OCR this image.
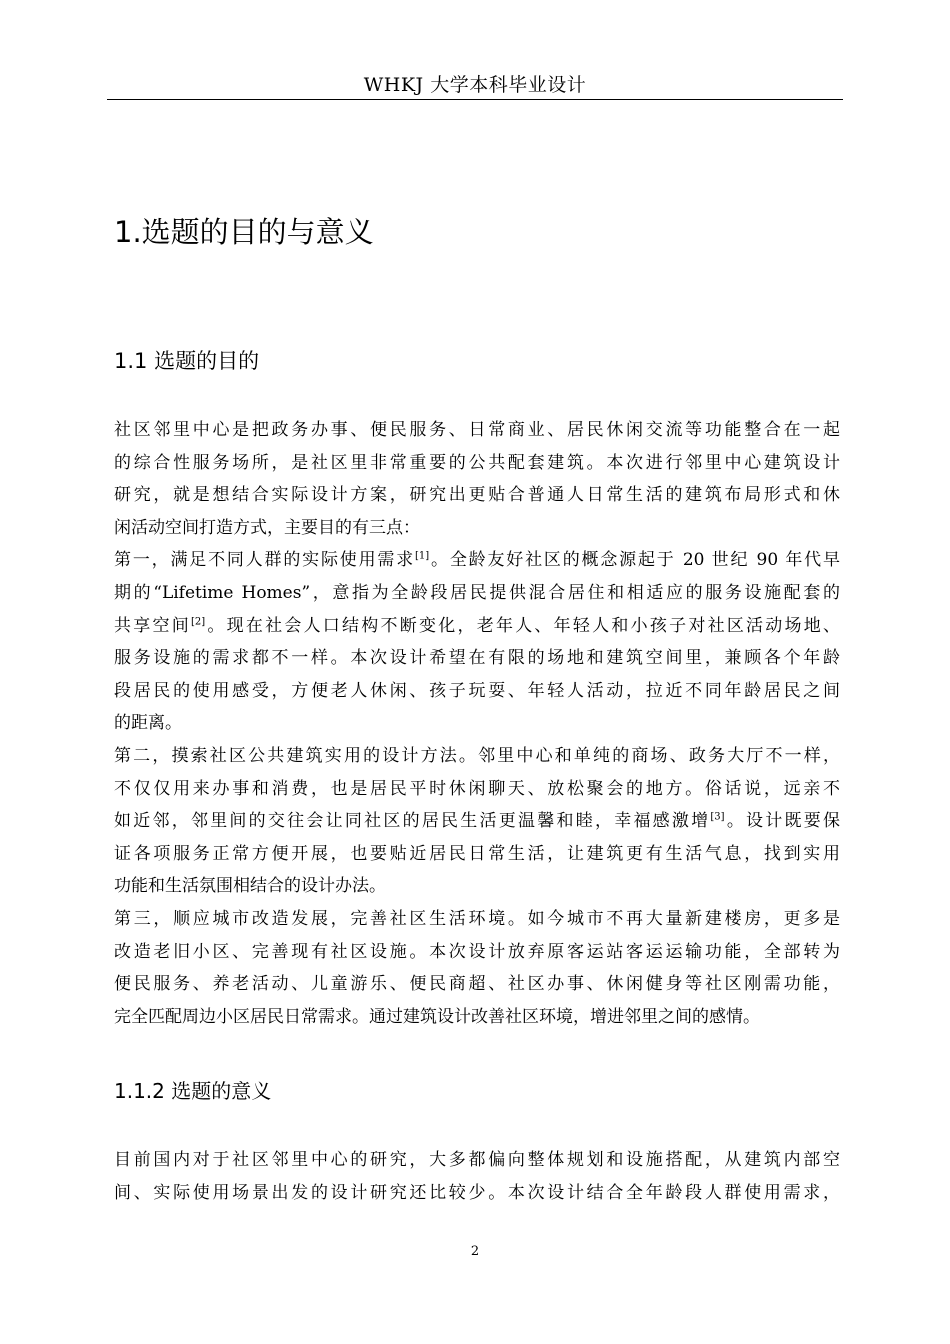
WHKJ 大学本科毕业设计
1.选题的目的与意义
1.1 选题的目的
社区邻里中心是把政务办事、便民服务、日常商业、居民休闲交流等功能整合在一起
的综合性服务场所，是社区里非常重要的公共配套建筑。本次进行邻里中心建筑设计
研究，就是想结合实际设计方案，研究出更贴合普通人日常生活的建筑布局形式和休
闲活动空间打造方式，主要目的有三点：
第一，满足不同人群的实际使用需求[1]。全龄友好社区的概念源起于 20 世纪 90 年代早
期的“Lifetime Homes”，意指为全龄段居民提供混合居住和相适应的服务设施配套的
共享空间[2]。现在社会人口结构不断变化，老年人、年轻人和小孩子对社区活动场地、
服务设施的需求都不一样。本次设计希望在有限的场地和建筑空间里，兼顾各个年龄
段居民的使用感受，方便老人休闲、孩子玩耍、年轻人活动，拉近不同年龄居民之间
的距离。
第二，摸索社区公共建筑实用的设计方法。邻里中心和单纯的商场、政务大厅不一样，
不仅仅用来办事和消费，也是居民平时休闲聊天、放松聚会的地方。俗话说，远亲不
如近邻，邻里间的交往会让同社区的居民生活更温馨和睦，幸福感激增[3]。设计既要保
证各项服务正常方便开展，也要贴近居民日常生活，让建筑更有生活气息，找到实用
功能和生活氛围相结合的设计办法。
第三，顺应城市改造发展，完善社区生活环境。如今城市不再大量新建楼房，更多是
改造老旧小区、完善现有社区设施。本次设计放弃原客运站客运运输功能，全部转为
便民服务、养老活动、儿童游乐、便民商超、社区办事、休闲健身等社区刚需功能，
完全匹配周边小区居民日常需求。通过建筑设计改善社区环境，增进邻里之间的感情。
1.1.2 选题的意义
目前国内对于社区邻里中心的研究，大多都偏向整体规划和设施搭配，从建筑内部空
间、实际使用场景出发的设计研究还比较少。本次设计结合全年龄段人群使用需求，
2
